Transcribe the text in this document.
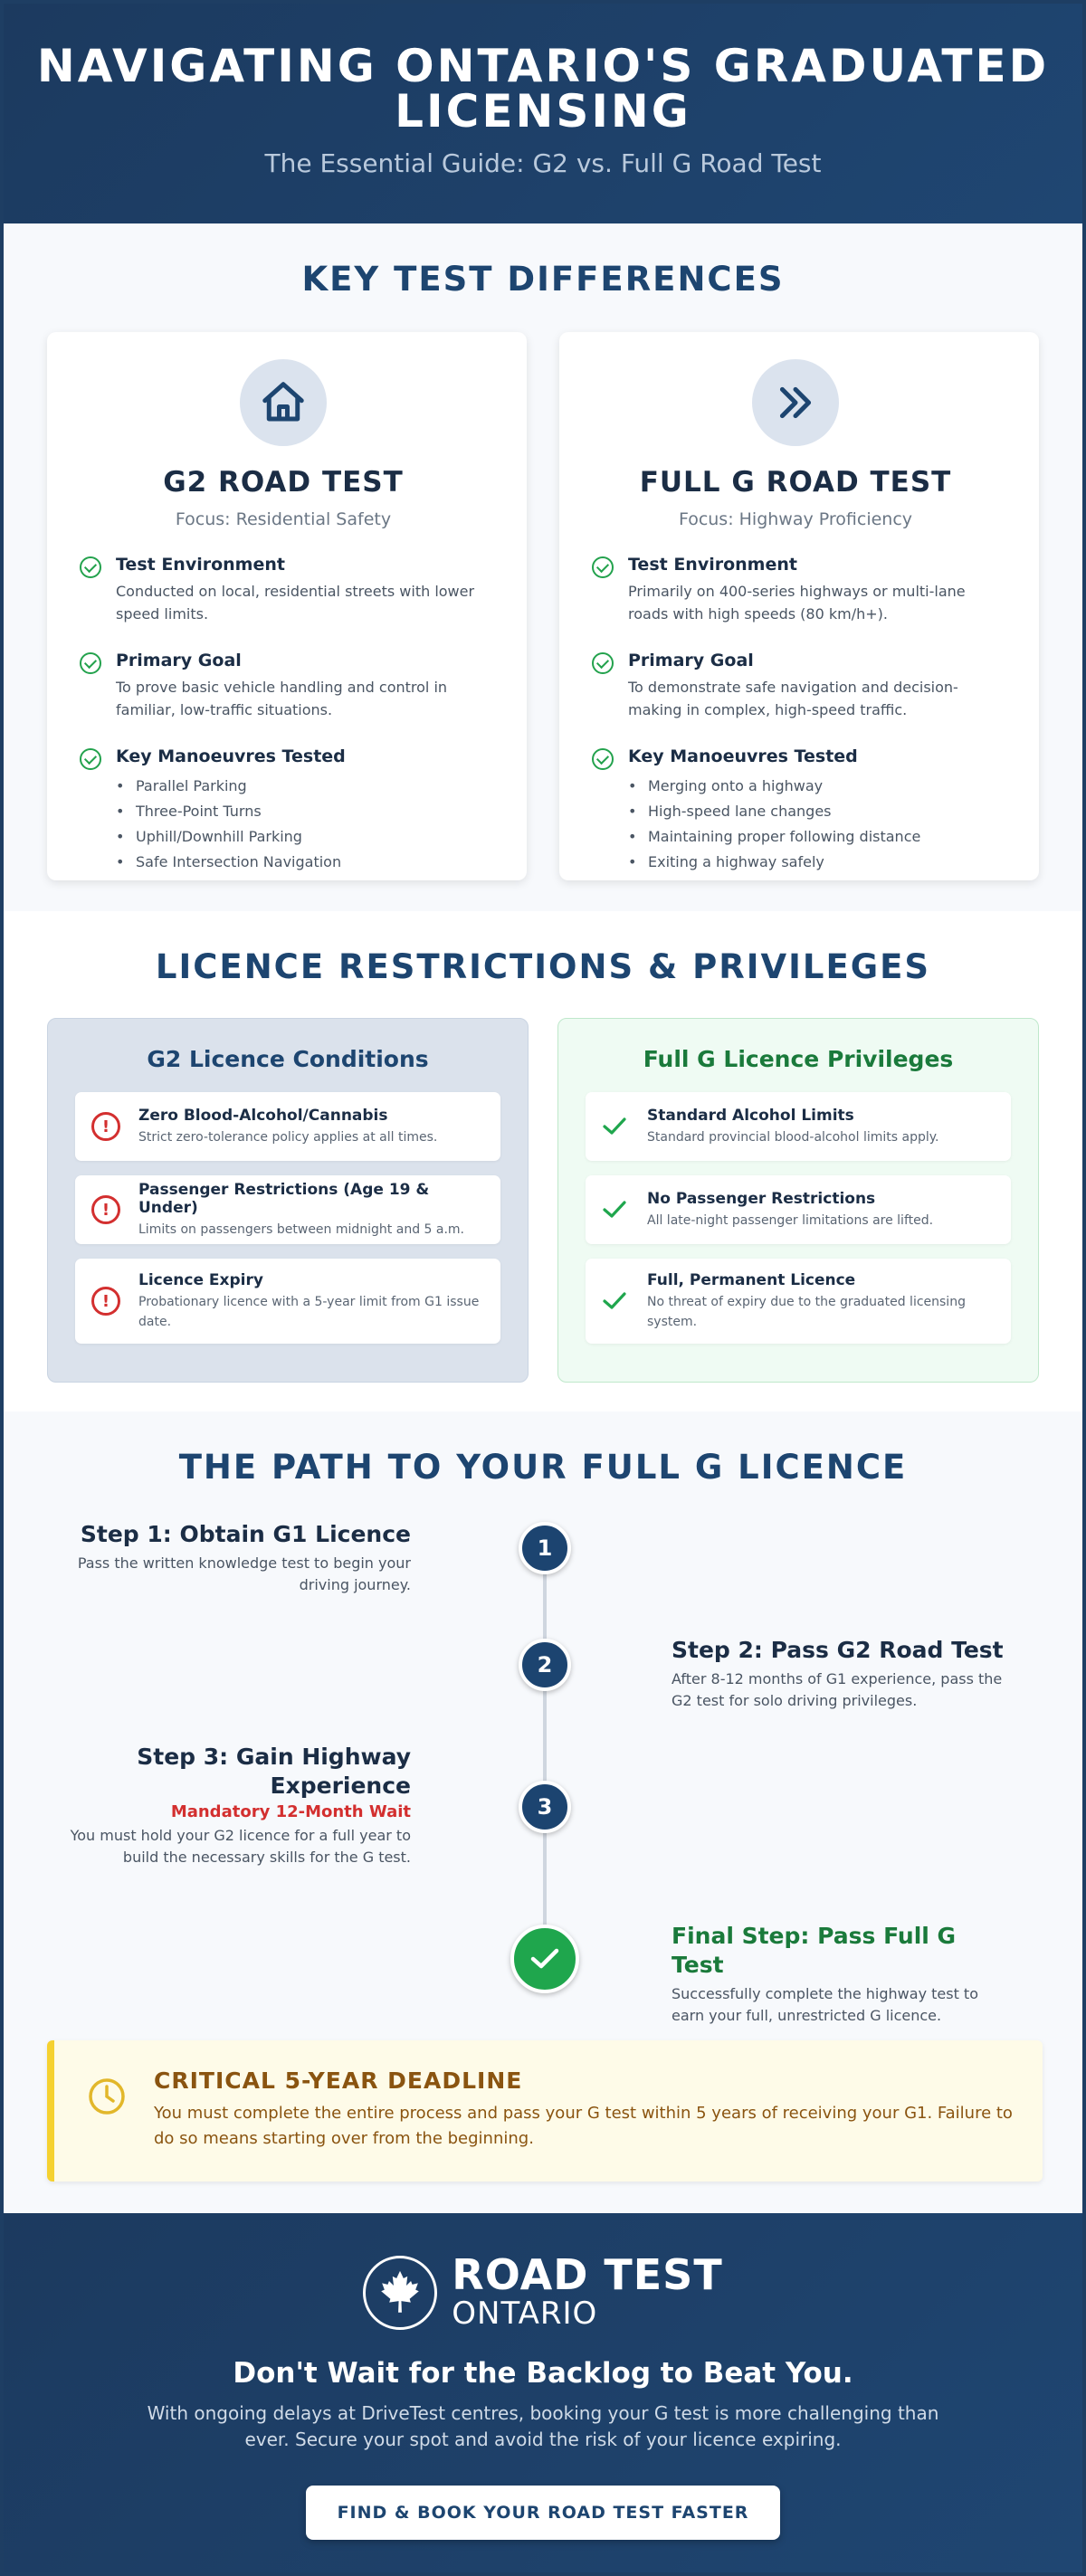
NAVIGATING ONTARIO'S GRADUATED LICENSING

The Essential Guide: G2 vs. Full G Road Test

KEY TEST DIFFERENCES
G2 ROAD TEST
Focus: Residential Safety
Test Environment

Conducted on local, residential streets with lower speed limits.

Primary Goal

To prove basic vehicle handling and control in familiar, low-traffic situations.

Key Manoeuvres Tested
• Parallel Parking
• Three-Point Turns
• Uphill/Downhill Parking
• Safe Intersection Navigation
FULL G ROAD TEST
Focus: Highway Proficiency
Test Environment

Primarily on 400-series highways or multi-lane roads with high speeds (80 km/h+).

Primary Goal

To demonstrate safe navigation and decision-making in complex, high-speed traffic.

Key Manoeuvres Tested
• Merging onto a highway
• High-speed lane changes
• Maintaining proper following distance
• Exiting a highway safely
LICENCE RESTRICTIONS & PRIVILEGES
G2 Licence Conditions
!
Zero Blood-Alcohol/Cannabis

Strict zero-tolerance policy applies at all times.

!
Passenger Restrictions (Age 19 & Under)

Limits on passengers between midnight and 5 a.m.

!
Licence Expiry

Probationary licence with a 5-year limit from G1 issue date.

Full G Licence Privileges
Standard Alcohol Limits

Standard provincial blood-alcohol limits apply.

No Passenger Restrictions

All late-night passenger limitations are lifted.

Full, Permanent Licence

No threat of expiry due to the graduated licensing system.

THE PATH TO YOUR FULL G LICENCE
1
Step 1: Obtain G1 Licence

Pass the written knowledge test to begin your driving journey.

2
Step 2: Pass G2 Road Test

After 8-12 months of G1 experience, pass the G2 test for solo driving privileges.

3
Step 3: Gain Highway Experience
Mandatory 12-Month Wait

You must hold your G2 licence for a full year to build the necessary skills for the G test.

Final Step: Pass Full G Test

Successfully complete the highway test to earn your full, unrestricted G licence.

CRITICAL 5-YEAR DEADLINE

You must complete the entire process and pass your G test within 5 years of receiving your G1. Failure to do so means starting over from the beginning.

ROAD TEST
ONTARIO
Don't Wait for the Backlog to Beat You.

With ongoing delays at DriveTest centres, booking your G test is more challenging than ever. Secure your spot and avoid the risk of your licence expiring.

FIND & BOOK YOUR ROAD TEST FASTER
